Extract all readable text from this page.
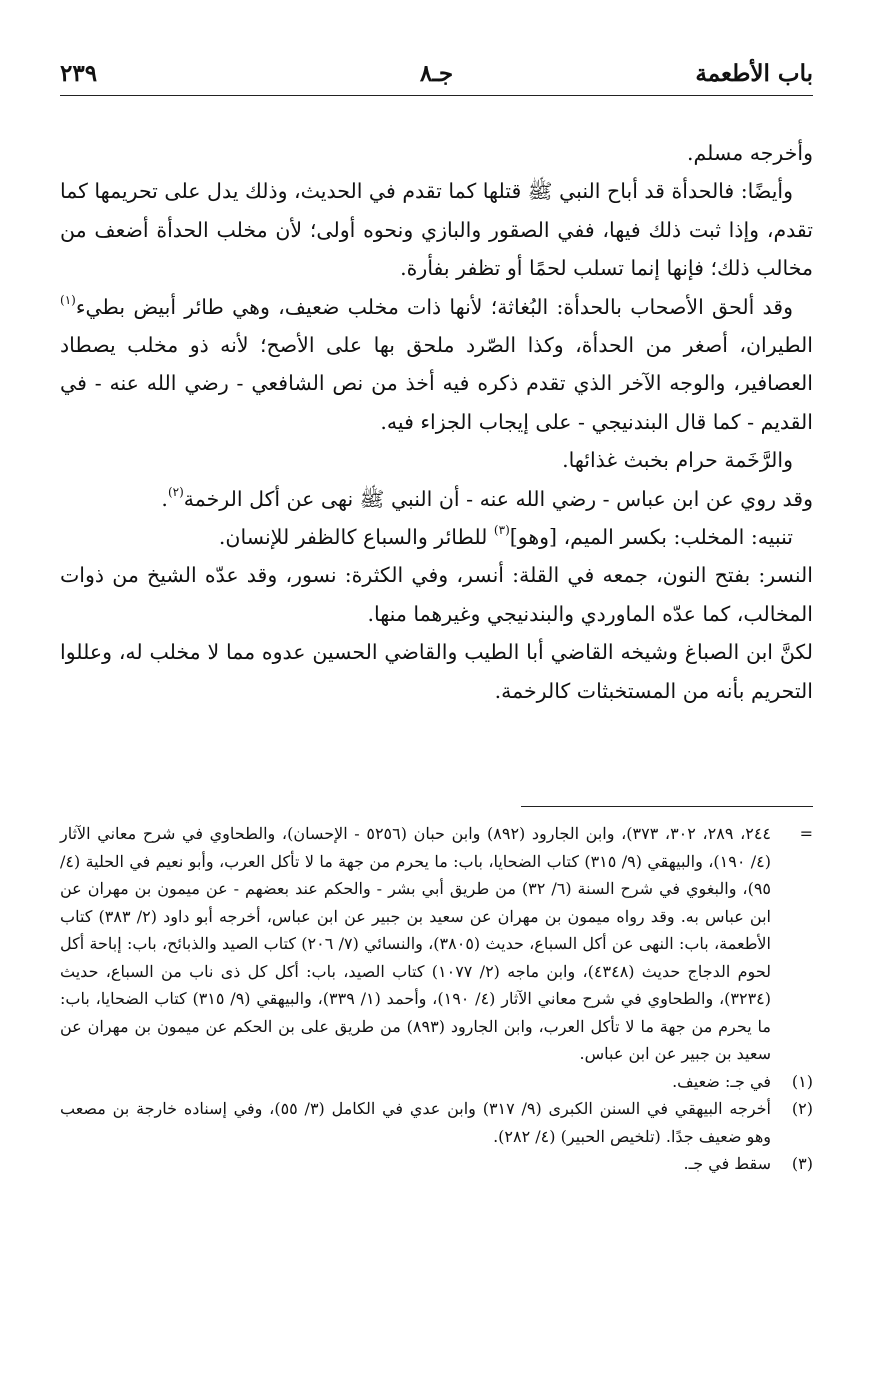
باب الأطعمة
جـ٨
٢٣٩

وأخرجه مسلم.

وأيضًا: فالحدأة قد أباح النبي ﷺ قتلها كما تقدم في الحديث، وذلك يدل على تحريمها كما تقدم، وإذا ثبت ذلك فيها، ففي الصقور والبازي ونحوه أولى؛ لأن مخلب الحدأة أضعف من مخالب ذلك؛ فإنها إنما تسلب لحمًا أو تظفر بفأرة.

وقد ألحق الأصحاب بالحدأة: البُغاثة؛ لأنها ذات مخلب ضعيف، وهي طائر أبيض بطيء$^{(١)}$ الطيران، أصغر من الحدأة، وكذا الصّرد ملحق بها على الأصح؛ لأنه ذو مخلب يصطاد العصافير، والوجه الآخر الذي تقدم ذكره فيه أخذ من نص الشافعي - رضي الله عنه - في القديم - كما قال البندنيجي - على إيجاب الجزاء فيه.

والرَّخَمة حرام بخبث غذائها.

وقد روي عن ابن عباس - رضي الله عنه - أن النبي ﷺ نهى عن أكل الرخمة$^{(٢)}$.

تنبيه: المخلب: بكسر الميم، [وهو]$^{(٣)}$ للطائر والسباع كالظفر للإنسان.

النسر: بفتح النون، جمعه في القلة: أنسر، وفي الكثرة: نسور، وقد عدّه الشيخ من ذوات المخالب، كما عدّه الماوردي والبندنيجي وغيرهما منها.

لكنَّ ابن الصباغ وشيخه القاضي أبا الطيب والقاضي الحسين عدوه مما لا مخلب له، وعللوا التحريم بأنه من المستخبثات كالرخمة.

=
٢٤٤، ٢٨٩، ٣٠٢، ٣٧٣)، وابن الجارود (٨٩٢) وابن حبان (٥٢٥٦ - الإحسان)، والطحاوي في شرح معاني الآثار (٤/ ١٩٠)، والبيهقي (٩/ ٣١٥) كتاب الضحايا، باب: ما يحرم من جهة ما لا تأكل العرب، وأبو نعيم في الحلية (٤/ ٩٥)، والبغوي في شرح السنة (٦/ ٣٢) من طريق أبي بشر - والحكم عند بعضهم - عن ميمون بن مهران عن ابن عباس به. وقد رواه ميمون بن مهران عن سعيد بن جبير عن ابن عباس، أخرجه أبو داود (٢/ ٣٨٣) كتاب الأطعمة، باب: النهى عن أكل السباع، حديث (٣٨٠٥)، والنسائي (٧/ ٢٠٦) كتاب الصيد والذبائح، باب: إباحة أكل لحوم الدجاج حديث (٤٣٤٨)، وابن ماجه (٢/ ١٠٧٧) كتاب الصيد، باب: أكل كل ذى ناب من السباع، حديث (٣٢٣٤)، والطحاوي في شرح معاني الآثار (٤/ ١٩٠)، وأحمد (١/ ٣٣٩)، والبيهقي (٩/ ٣١٥) كتاب الضحايا، باب: ما يحرم من جهة ما لا تأكل العرب، وابن الجارود (٨٩٣) من طريق على بن الحكم عن ميمون بن مهران عن سعيد بن جبير عن ابن عباس.

(١)
في جـ: ضعيف.

(٢)
أخرجه البيهقي في السنن الكبرى (٩/ ٣١٧) وابن عدي في الكامل (٣/ ٥٥)، وفي إسناده خارجة بن مصعب وهو ضعيف جدًا. (تلخيص الحبير) (٤/ ٢٨٢).

(٣)
سقط في جـ.
